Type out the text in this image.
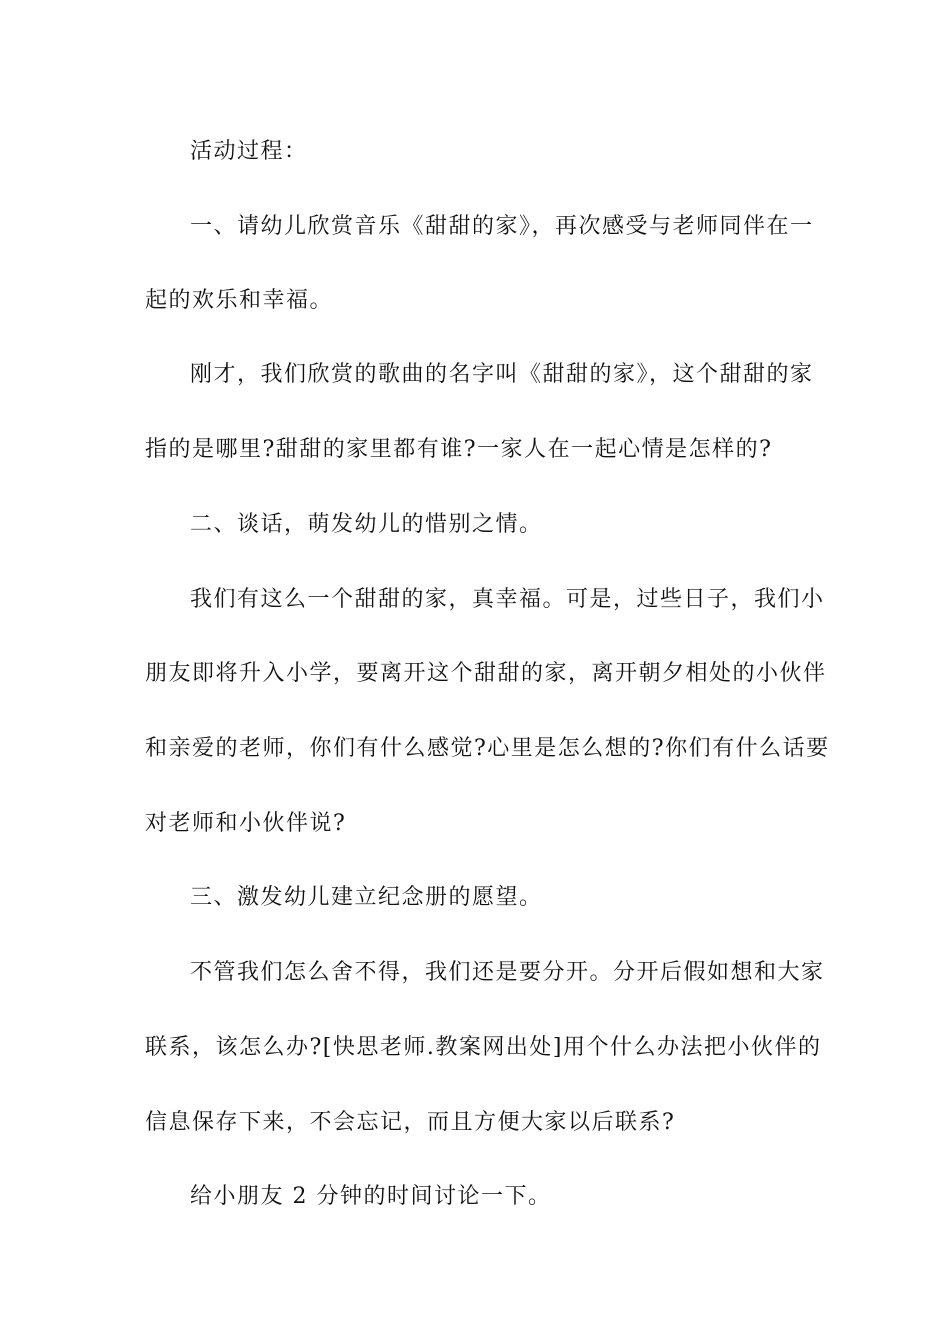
活动过程：
一、请幼儿欣赏音乐《甜甜的家》，再次感受与老师同伴在一
起的欢乐和幸福。
刚才，我们欣赏的歌曲的名字叫《甜甜的家》，这个甜甜的家
指的是哪里?甜甜的家里都有谁?一家人在一起心情是怎样的?
二、谈话，萌发幼儿的惜别之情。
我们有这么一个甜甜的家，真幸福。可是，过些日子，我们小
朋友即将升入小学，要离开这个甜甜的家，离开朝夕相处的小伙伴
和亲爱的老师，你们有什么感觉?心里是怎么想的?你们有什么话要
对老师和小伙伴说?
三、激发幼儿建立纪念册的愿望。
不管我们怎么舍不得，我们还是要分开。分开后假如想和大家
联系，该怎么办?[快思老师.教案网出处]用个什么办法把小伙伴的
信息保存下来，不会忘记，而且方便大家以后联系?
给小朋友 2 分钟的时间讨论一下。
